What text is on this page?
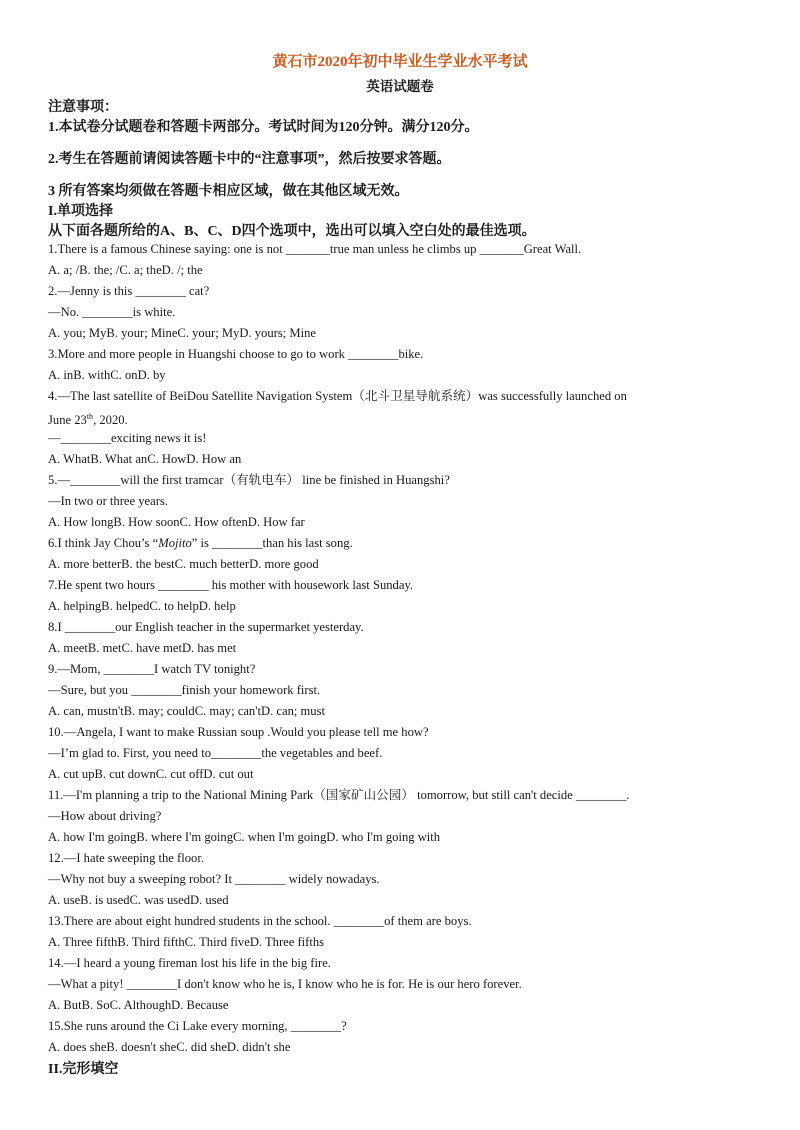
黄石市2020年初中毕业生学业水平考试
英语试题卷
注意事项：
1.本试卷分试题卷和答题卡两部分。考试时间为120分钟。满分120分。
2.考生在答题前请阅读答题卡中的“注意事项”，然后按要求答题。
3 所有答案均须做在答题卡相应区域，做在其他区域无效。
I.单项选择
从下面各题所给的A、B、C、D四个选项中，选出可以填入空白处的最佳选项。
1.There is a famous Chinese saying: one is not _______true man unless he climbs up _______Great Wall.
A. a; /B. the; /C. a; theD. /; the
2.—Jenny is this ________ cat?
—No. ________is white.
A. you; MyB. your; MineC. your; MyD. yours; Mine
3.More and more people in Huangshi choose to go to work ________bike.
A. inB. withC. onD. by
4.—The last satellite of BeiDou Satellite Navigation System（北斗卫星导航系统）was successfully launched on
June 23th, 2020.
—________exciting news it is!
A. WhatB. What anC. HowD. How an
5.—________will the first tramcar（有轨电车） line be finished in Huangshi?
—In two or three years.
A. How longB. How soonC. How oftenD. How far
6.I think Jay Chou’s “Mojito” is ________than his last song.
A. more betterB. the bestC. much betterD. more good
7.He spent two hours ________ his mother with housework last Sunday.
A. helpingB. helpedC. to helpD. help
8.I ________our English teacher in the supermarket yesterday.
A. meetB. metC. have metD. has met
9.—Mom, ________I watch TV tonight?
—Sure, but you ________finish your homework first.
A. can, mustn'tB. may; couldC. may; can'tD. can; must
10.—Angela, I want to make Russian soup .Would you please tell me how?
—I’m glad to. First, you need to________the vegetables and beef.
A. cut upB. cut downC. cut offD. cut out
11.—I'm planning a trip to the National Mining Park（国家矿山公园） tomorrow, but still can't decide ________.
—How about driving?
A. how I'm goingB. where I'm goingC. when I'm goingD. who I'm going with
12.—I hate sweeping the floor.
—Why not buy a sweeping robot? It ________ widely nowadays.
A. useB. is usedC. was usedD. used
13.There are about eight hundred students in the school. ________of them are boys.
A. Three fifthB. Third fifthC. Third fiveD. Three fifths
14.—I heard a young fireman lost his life in the big fire.
—What a pity! ________I don't know who he is, I know who he is for. He is our hero forever.
A. ButB. SoC. AlthoughD. Because
15.She runs around the Ci Lake every morning, ________?
A. does sheB. doesn't sheC. did sheD. didn't she
II.完形填空
